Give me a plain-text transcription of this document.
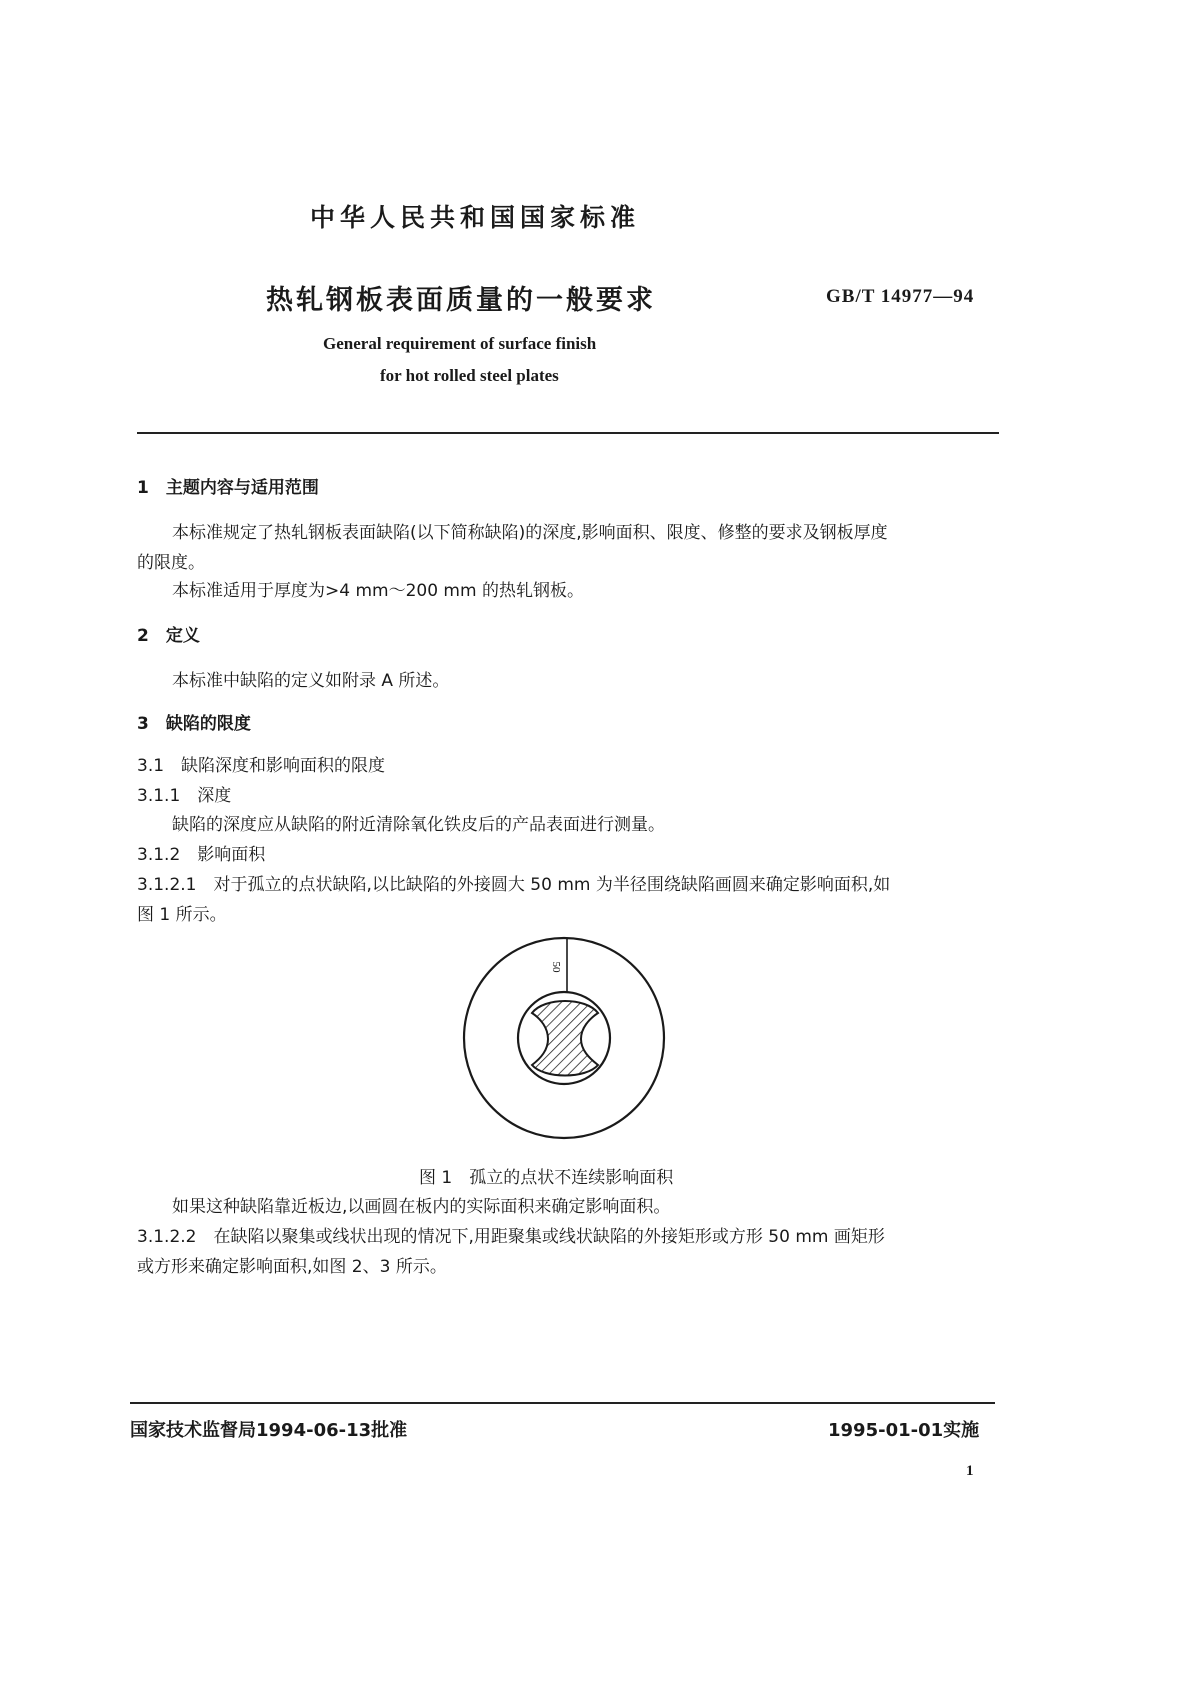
中华人民共和国国家标准
热轧钢板表面质量的一般要求	GB/T 14977—94
General requirement of surface finish
for hot rolled steel plates
1　主题内容与适用范围
本标准规定了热轧钢板表面缺陷(以下简称缺陷)的深度,影响面积、限度、修整的要求及钢板厚度
的限度。
本标准适用于厚度为>4 mm～200 mm 的热轧钢板。
2　定义
本标准中缺陷的定义如附录 A 所述。
3　缺陷的限度
3.1　缺陷深度和影响面积的限度
3.1.1　深度
缺陷的深度应从缺陷的附近清除氧化铁皮后的产品表面进行测量。
3.1.2　影响面积
3.1.2.1　对于孤立的点状缺陷,以比缺陷的外接圆大 50 mm 为半径围绕缺陷画圆来确定影响面积,如
图 1 所示。
50
图 1　孤立的点状不连续影响面积
如果这种缺陷靠近板边,以画圆在板内的实际面积来确定影响面积。
3.1.2.2　在缺陷以聚集或线状出现的情况下,用距聚集或线状缺陷的外接矩形或方形 50 mm 画矩形
或方形来确定影响面积,如图 2、3 所示。
国家技术监督局1994-06-13批准	1995-01-01实施
1
